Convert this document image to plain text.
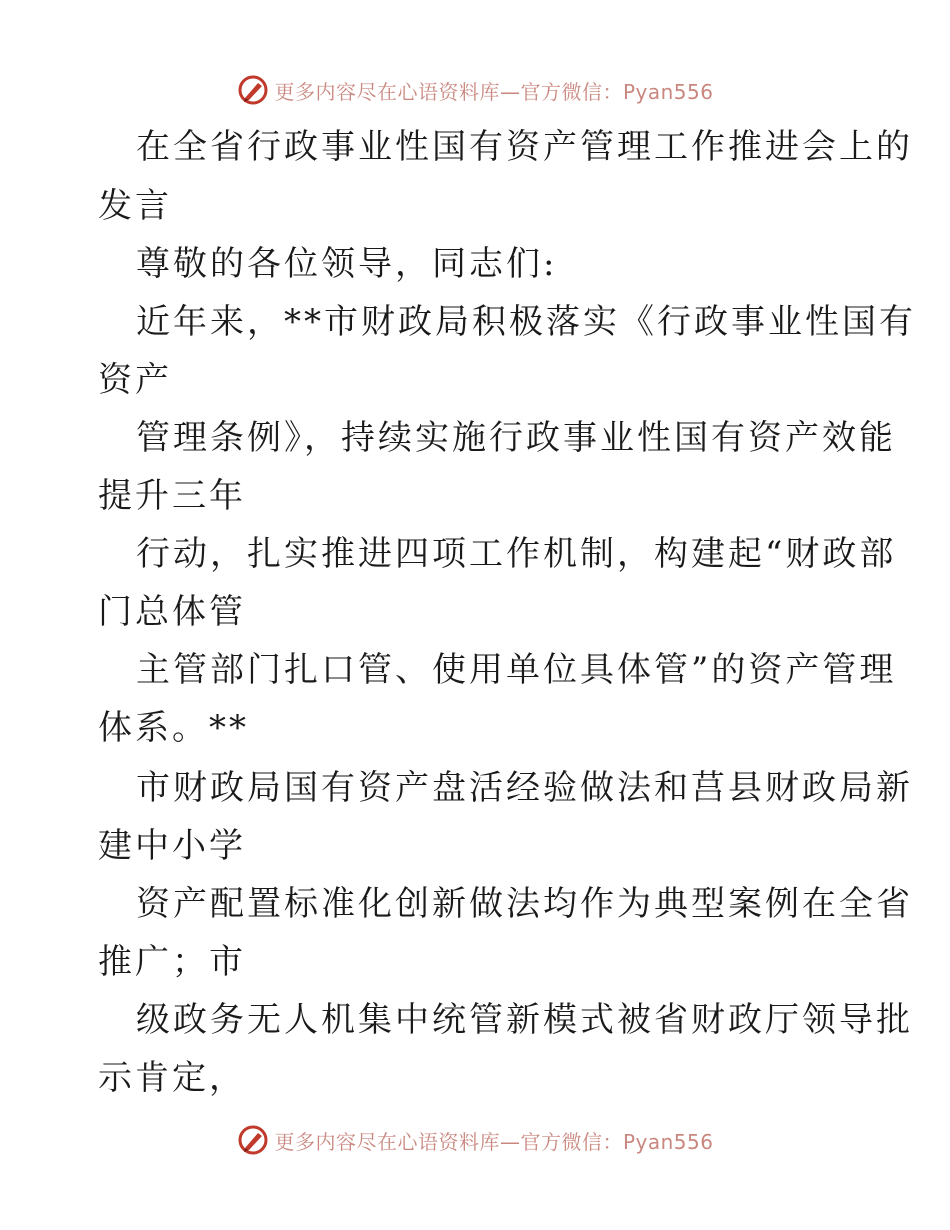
更多内容尽在心语资料库—官方微信：Pyan556
在全省行政事业性国有资产管理工作推进会上的
发言
尊敬的各位领导，同志们:
近年来，**市财政局积极落实《行政事业性国有
资产
管理条例》，持续实施行政事业性国有资产效能
提升三年
行动，扎实推进四项工作机制，构建起“财政部
门总体管
主管部门扎口管、使用单位具体管”的资产管理
体系。**
市财政局国有资产盘活经验做法和莒县财政局新
建中小学
资产配置标准化创新做法均作为典型案例在全省
推广；市
级政务无人机集中统管新模式被省财政厅领导批
示肯定，
更多内容尽在心语资料库—官方微信：Pyan556
